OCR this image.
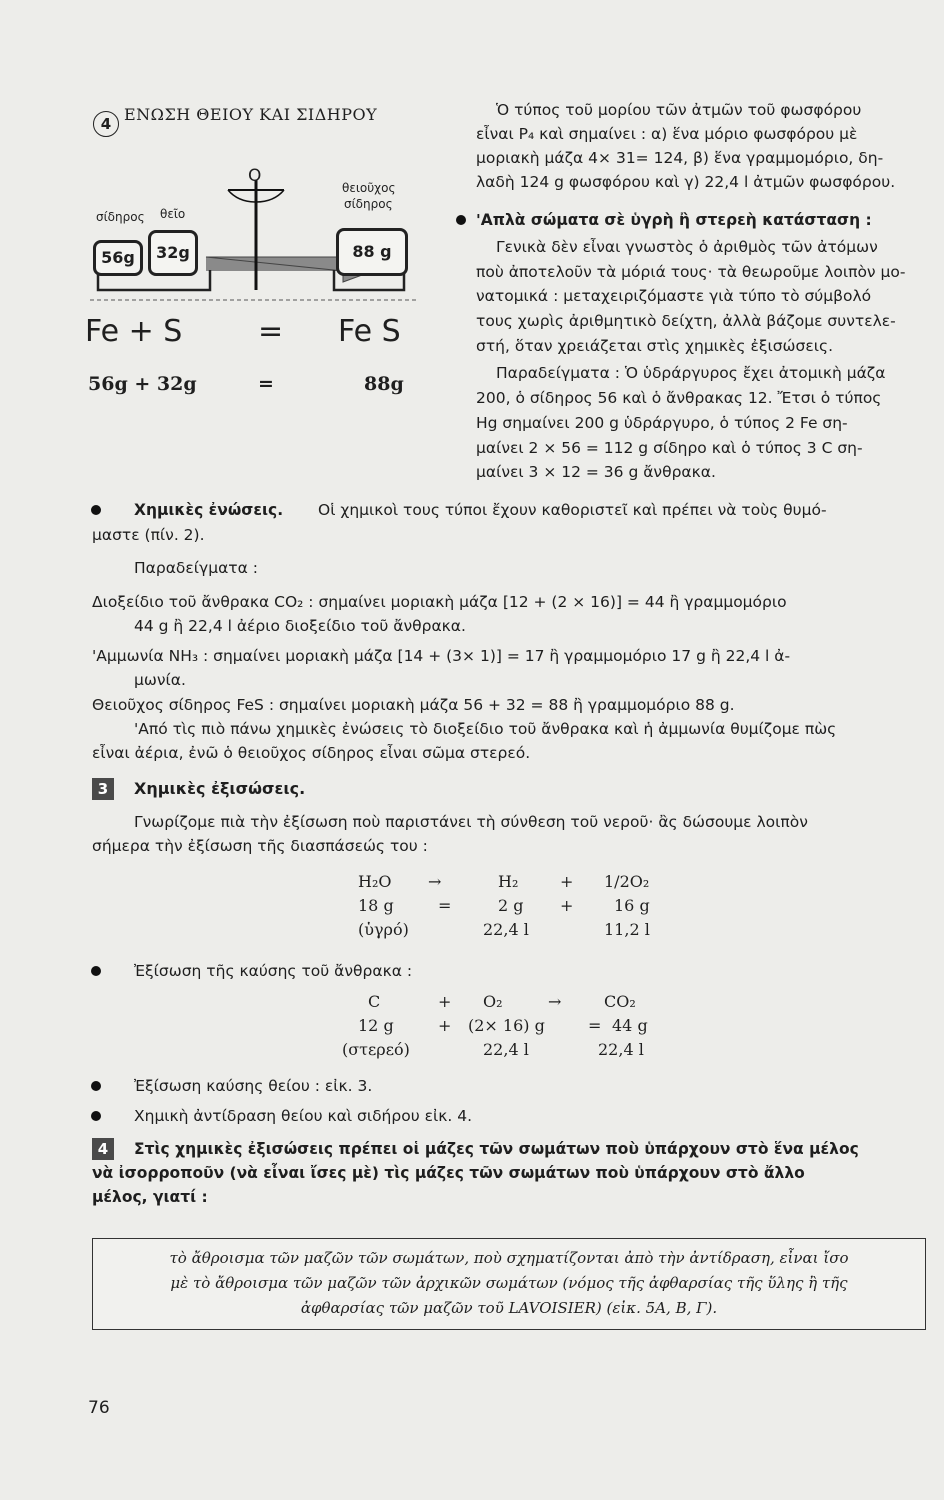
4 ΕΝΩΣΗ ΘΕΙΟΥ ΚΑΙ ΣΙΔΗΡΟΥ
O
σίδηρος θεῖο
θειοῦχος
σίδηρος
56g	32g	88 g
Fe + S	= Fe S
56g + 32g	=	88g
Ὁ τύπος τοῦ μορίου τῶν ἀτμῶν τοῦ φωσφόρου
εἶναι P₄ καὶ σημαίνει : α) ἕνα μόριο φωσφόρου μὲ
μοριακὴ μάζα 4× 31= 124, β) ἕνα γραμμομόριο, δη-
λαδὴ 124 g φωσφόρου καὶ γ) 22,4 l ἀτμῶν φωσφόρου.
'Απλὰ σώματα σὲ ὑγρὴ ἢ στερεὴ κατάσταση :
Γενικὰ δὲν εἶναι γνωστὸς ὁ ἀριθμὸς τῶν ἀτόμων
ποὺ ἀποτελοῦν τὰ μόριά τους· τὰ θεωροῦμε λοιπὸν μο-
νατομικά : μεταχειριζόμαστε γιὰ τύπο τὸ σύμβολό
τους χωρὶς ἀριθμητικὸ δείχτη, ἀλλὰ βάζομε συντελε-
στή, ὅταν χρειάζεται στὶς χημικὲς ἐξισώσεις.
Παραδείγματα : Ὁ ὑδράργυρος ἔχει ἀτομικὴ μάζα
200, ὁ σίδηρος 56 καὶ ὁ ἄνθρακας 12. Ἔτσι ὁ τύπος
Hg σημαίνει 200 g ὑδράργυρο, ὁ τύπος 2 Fe ση-
μαίνει 2 × 56 = 112 g σίδηρο καὶ ὁ τύπος 3 C ση-
μαίνει 3 × 12 = 36 g ἄνθρακα.
Χημικὲς ἐνώσεις. Οἱ χημικοὶ τους τύποι ἔχουν καθοριστεῖ καὶ πρέπει νὰ τοὺς θυμό-
μαστε (πίν. 2).
Παραδείγματα :
Διοξείδιο τοῦ ἄνθρακα CO₂ : σημαίνει μοριακὴ μάζα [12 + (2 × 16)] = 44 ἢ γραμμομόριο
44 g ἢ 22,4 l ἀέριο διοξείδιο τοῦ ἄνθρακα.
'Αμμωνία NH₃ : σημαίνει μοριακὴ μάζα [14 + (3× 1)] = 17 ἢ γραμμομόριο 17 g ἢ 22,4 l ἀ-
μωνία.
Θειοῦχος σίδηρος FeS : σημαίνει μοριακὴ μάζα 56 + 32 = 88 ἢ γραμμομόριο 88 g.
'Από τὶς πιὸ πάνω χημικὲς ἐνώσεις τὸ διοξείδιο τοῦ ἄνθρακα καὶ ἡ ἀμμωνία θυμίζομε πὼς
εἶναι ἀέρια, ἐνῶ ὁ θειοῦχος σίδηρος εἶναι σῶμα στερεό.
3	Χημικὲς ἐξισώσεις.
Γνωρίζομε πιὰ τὴν ἐξίσωση ποὺ παριστάνει τὴ σύνθεση τοῦ νεροῦ· ἂς δώσουμε λοιπὸν
σήμερα τὴν ἐξίσωση τῆς διασπάσεώς του :
H₂O →	H₂	+ 1/2O₂
18 g	=	2 g +	16 g
(ὑγρό)	22,4 l	11,2 l
Ἐξίσωση τῆς καύσης τοῦ ἄνθρακα :
C	+ O₂	→	CO₂
12 g	+ (2× 16) g	= 44 g
(στερεό)	22,4 l	22,4 l
Ἐξίσωση καύσης θείου : εἰκ. 3.
Χημικὴ ἀντίδραση θείου καὶ σιδήρου εἰκ. 4.
4	Στὶς χημικὲς ἐξισώσεις πρέπει οἱ μάζες τῶν σωμάτων ποὺ ὑπάρχουν στὸ ἕνα μέλος
νὰ ἰσορροποῦν (νὰ εἶναι ἴσες μὲ) τὶς μάζες τῶν σωμάτων ποὺ ὑπάρχουν στὸ ἄλλο
μέλος, γιατί :
τὸ ἄθροισμα τῶν μαζῶν τῶν σωμάτων, ποὺ σχηματίζονται ἀπὸ τὴν ἀντίδραση, εἶναι ἴσο
μὲ τὸ ἄθροισμα τῶν μαζῶν τῶν ἀρχικῶν σωμάτων (νόμος τῆς ἀφθαρσίας τῆς ὕλης ἢ τῆς
ἀφθαρσίας τῶν μαζῶν τοῦ LAVOISIER) (εἰκ. 5Α, Β, Γ).
76
